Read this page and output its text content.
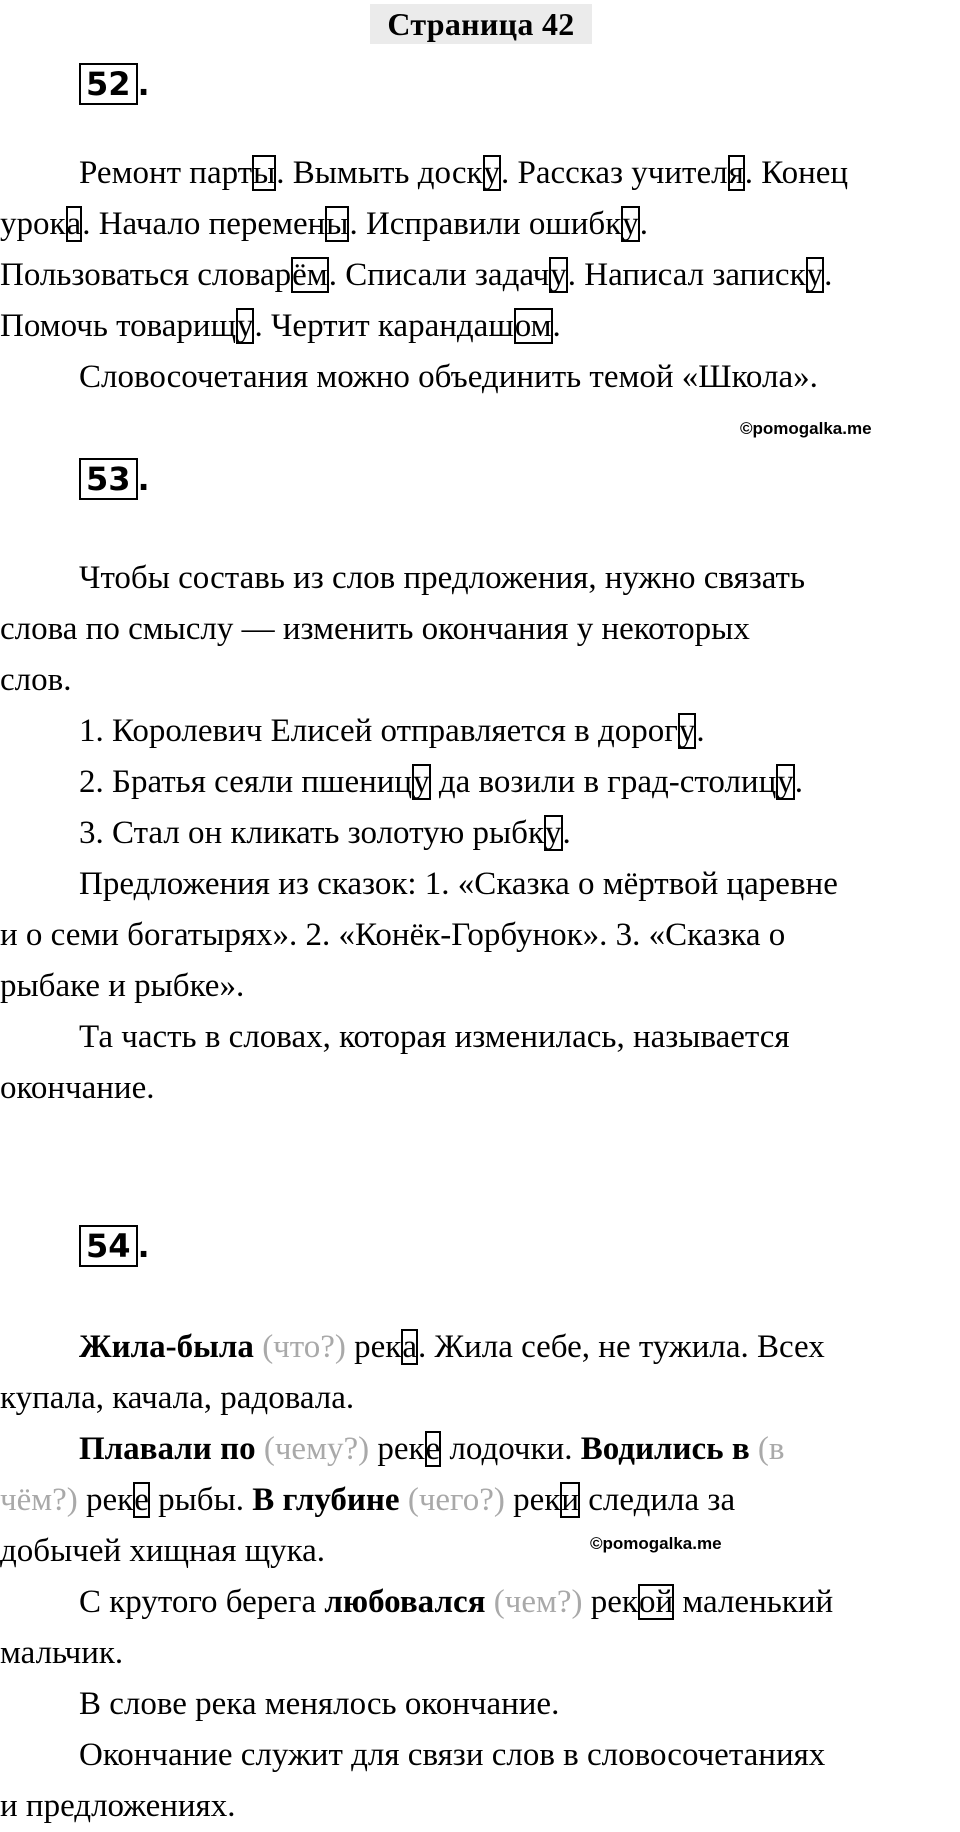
Страница 42
52 .
Ремонт парты. Вымыть доску. Рассказ учителя. Конец
урока. Начало перемены. Исправили ошибку.
Пользоваться словарём. Списали задачу. Написал записку.
Помочь товарищу. Чертит карандашом.
Словосочетания можно объединить темой «Школа».
©pomogalka.me
53 .
Чтобы составь из слов предложения, нужно связать
слова по смыслу — изменить окончания у некоторых
слов.
1. Королевич Елисей отправляется в дорогу.
2. Братья сеяли пшеницу да возили в град-столицу.
3. Стал он кликать золотую рыбку.
Предложения из сказок: 1. «Сказка о мёртвой царевне
и о семи богатырях». 2. «Конёк-Горбунок». 3. «Сказка о
рыбаке и рыбке».
Та часть в словах, которая изменилась, называется
окончание.
54 .
Жила-была (что?) река. Жила себе, не тужила. Всех
купала, качала, радовала.
Плавали по (чему?) реке лодочки. Водились в (в
чём?) реке рыбы. В глубине (чего?) реки следила за
добычей хищная щука.
С крутого берега любовался (чем?) рекой маленький
мальчик.
В слове река менялось окончание.
Окончание служит для связи слов в словосочетаниях
и предложениях.
©pomogalka.me
